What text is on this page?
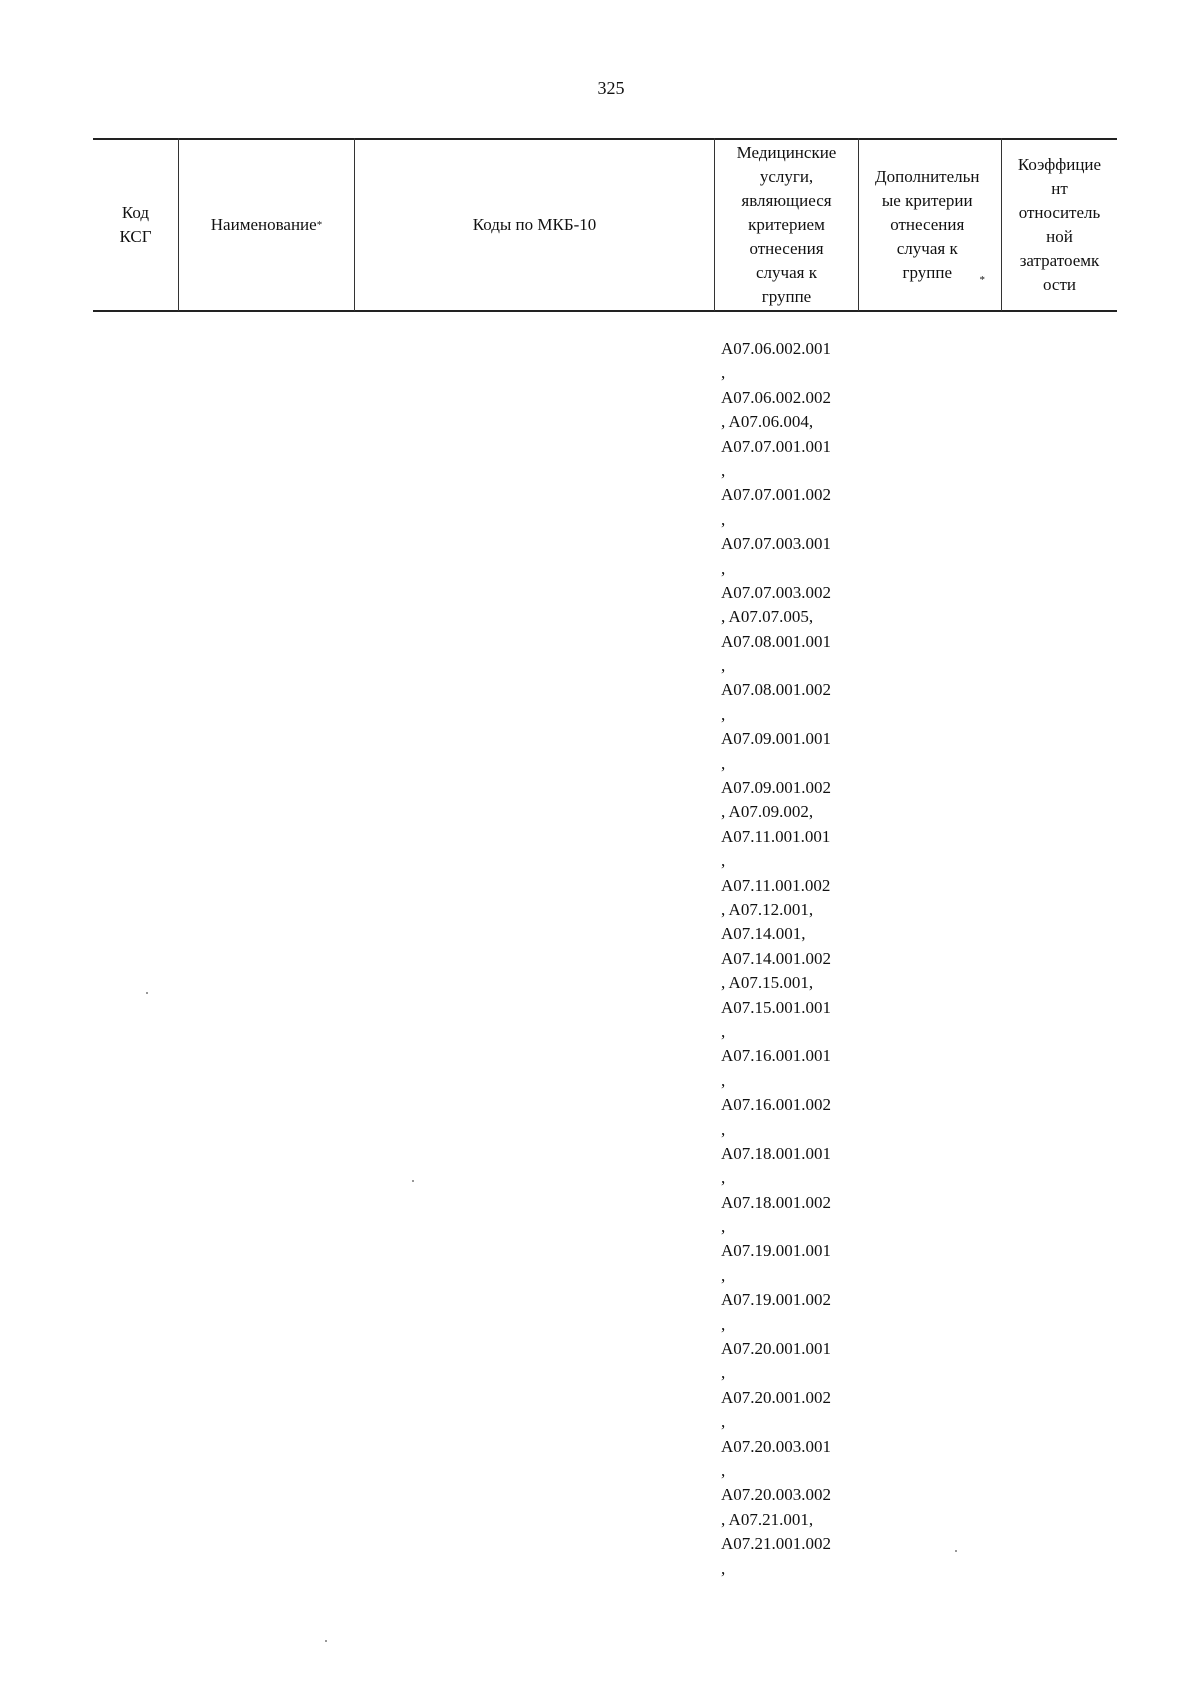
325
Код
КСГ
Наименование *	Коды по МКБ-10
Медицинские
услуги,
являющиеся
критерием
отнесения
случая к
группе
Дополнительн
ые критерии
отнесения
случая к
группе	*
Коэффицие
нт
относитель
ной
затратоемк
ости
A07.06.002.001
,
A07.06.002.002
, A07.06.004,
A07.07.001.001
,
A07.07.001.002
,
A07.07.003.001
,
A07.07.003.002
, A07.07.005,
A07.08.001.001
,
A07.08.001.002
,
A07.09.001.001
,
A07.09.001.002
, A07.09.002,
A07.11.001.001
,
A07.11.001.002
, A07.12.001,
A07.14.001,
A07.14.001.002
, A07.15.001,
A07.15.001.001
,
A07.16.001.001
,
A07.16.001.002
,
A07.18.001.001
,
A07.18.001.002
,
A07.19.001.001
,
A07.19.001.002
,
A07.20.001.001
,
A07.20.001.002
,
A07.20.003.001
,
A07.20.003.002
, A07.21.001,
A07.21.001.002
,
